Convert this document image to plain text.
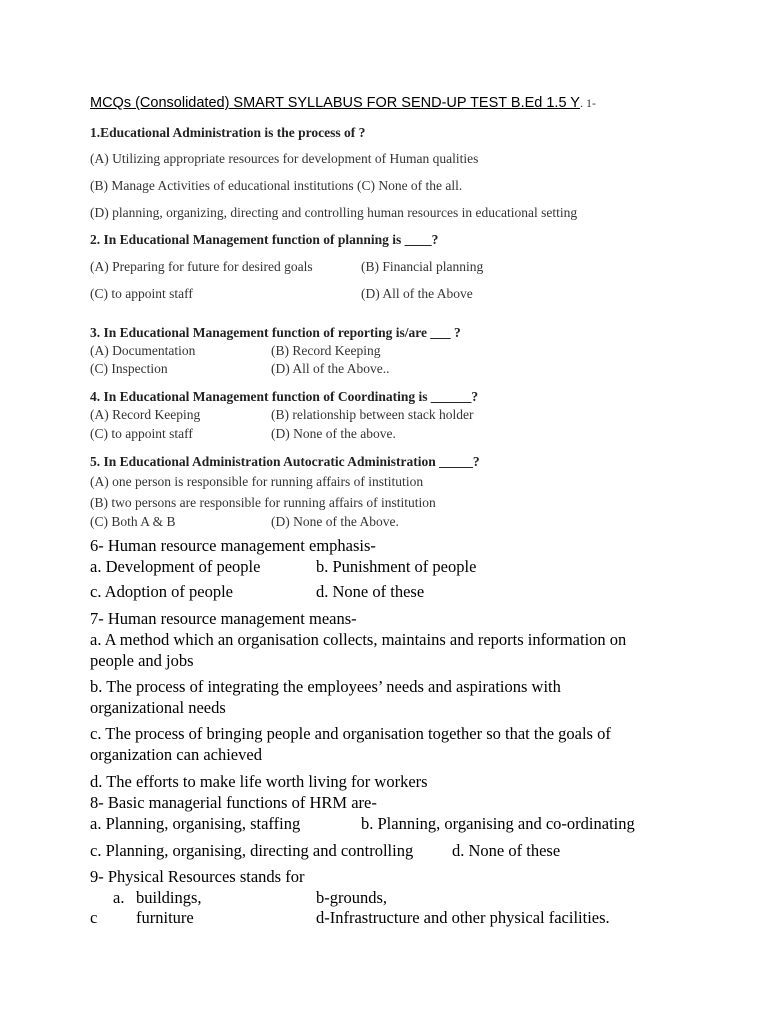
MCQs (Consolidated) SMART SYLLABUS FOR SEND-UP TEST B.Ed 1.5 Y. 1-
1.Educational Administration is the process of ?
(A) Utilizing appropriate resources for development of Human qualities
(B) Manage Activities of educational institutions (C) None of the all.
(D) planning, organizing, directing and controlling human resources in educational setting
2. In Educational Management function of planning is ____?
(A) Preparing for future for desired goals	(B) Financial planning
(C) to appoint staff	(D) All of the Above
3. In Educational Management function of reporting is/are ___ ?
(A) Documentation	(B) Record Keeping
(C) Inspection	(D) All of the Above..
4. In Educational Management function of Coordinating is ______?
(A) Record Keeping	(B) relationship between stack holder
(C) to appoint staff	(D) None of the above.
5. In Educational Administration Autocratic Administration _____?
(A) one person is responsible for running affairs of institution
(B) two persons are responsible for running affairs of institution
(C) Both A & B	(D) None of the Above.
6- Human resource management emphasis-
a. Development of people	b. Punishment of people
c. Adoption of people	d. None of these
7- Human resource management means-
a. A method which an organisation collects, maintains and reports information on
people and jobs
b. The process of integrating the employees’ needs and aspirations with
organizational needs
c. The process of bringing people and organisation together so that the goals of
organization can achieved
d. The efforts to make life worth living for workers
8- Basic managerial functions of HRM are-
a. Planning, organising, staffing	b. Planning, organising and co-ordinating
c. Planning, organising, directing and controlling d. None of these
9- Physical Resources stands for
a. buildings,	b-grounds,
c furniture	d-Infrastructure and other physical facilities.
